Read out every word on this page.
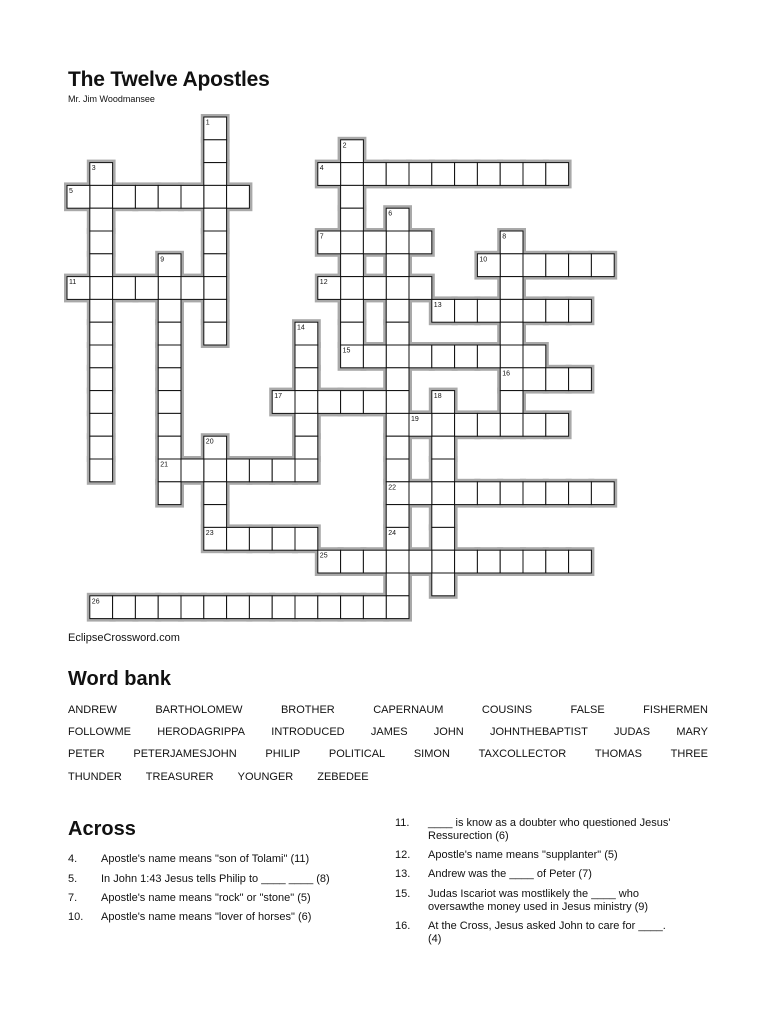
The Twelve Apostles
Mr. Jim Woodmansee
1
2
3	4
5
6
7	8
9	10
11	12
13
14
15
16
17	18
19
20
21
22
23	24
25
26
EclipseCrossword.com
Word bank
ANDREW	BARTHOLOMEW	BROTHER	CAPERNAUM	COUSINS	FALSE	FISHERMEN
FOLLOWME HERODAGRIPPA INTRODUCED JAMES JOHN JOHNTHEBAPTIST JUDAS MARY
PETER	PETERJAMESJOHN	PHILIP	POLITICAL	SIMON	TAXCOLLECTOR	THOMAS	THREE
THUNDER TREASURER YOUNGER ZEBEDEE
Across
4. Apostle's name means "son of Tolami" (11)
5. In John 1:43 Jesus tells Philip to ____ ____ (8)
7. Apostle's name means "rock" or "stone" (5)
10. Apostle's name means "lover of horses" (6)
11. ____ is know as a doubter who questioned Jesus'
Ressurection (6)
12. Apostle's name means "supplanter" (5)
13. Andrew was the ____ of Peter (7)
15. Judas Iscariot was mostlikely the ____ who
oversawthe money used in Jesus ministry (9)
16. At the Cross, Jesus asked John to care for ____.
(4)
